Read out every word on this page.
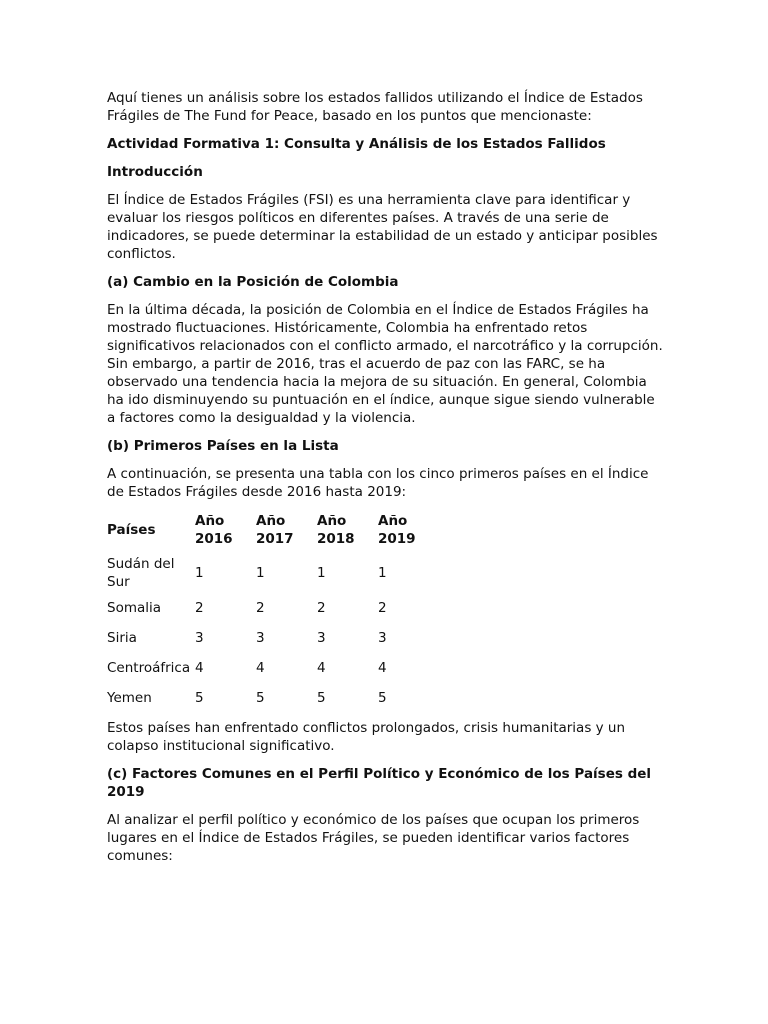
Aquí tienes un análisis sobre los estados fallidos utilizando el Índice de Estados Frágiles de The Fund for Peace, basado en los puntos que mencionaste:

Actividad Formativa 1: Consulta y Análisis de los Estados Fallidos

Introducción

El Índice de Estados Frágiles (FSI) es una herramienta clave para identificar y evaluar los riesgos políticos en diferentes países. A través de una serie de indicadores, se puede determinar la estabilidad de un estado y anticipar posibles conflictos.

(a) Cambio en la Posición de Colombia

En la última década, la posición de Colombia en el Índice de Estados Frágiles ha mostrado fluctuaciones. Históricamente, Colombia ha enfrentado retos significativos relacionados con el conflicto armado, el narcotráfico y la corrupción. Sin embargo, a partir de 2016, tras el acuerdo de paz con las FARC, se ha observado una tendencia hacia la mejora de su situación. En general, Colombia ha ido disminuyendo su puntuación en el índice, aunque sigue siendo vulnerable a factores como la desigualdad y la violencia.

(b) Primeros Países en la Lista

A continuación, se presenta una tabla con los cinco primeros países en el Índice de Estados Frágiles desde 2016 hasta 2019:

Países	Año 2016	Año 2017	Año 2018	Año 2019
Sudán del Sur	1	1	1	1
Somalia	2	2	2	2
Siria	3	3	3	3
Centroáfrica	4	4	4	4
Yemen	5	5	5	5

Estos países han enfrentado conflictos prolongados, crisis humanitarias y un colapso institucional significativo.

(c) Factores Comunes en el Perfil Político y Económico de los Países del 2019

Al analizar el perfil político y económico de los países que ocupan los primeros lugares en el Índice de Estados Frágiles, se pueden identificar varios factores comunes:
